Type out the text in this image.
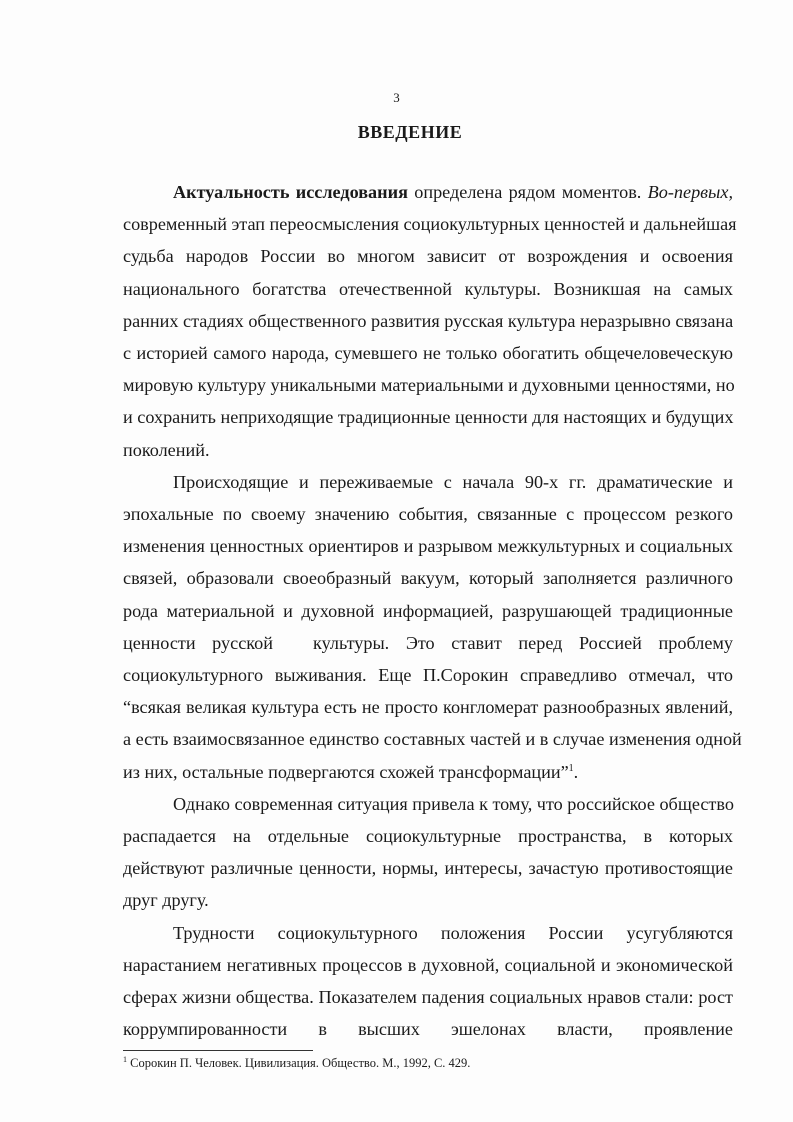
3
ВВЕДЕНИЕ
Актуальность исследования определена рядом моментов. Во-первых,
современный этап переосмысления социокультурных ценностей и дальнейшая
судьба народов России во многом зависит от возрождения и освоения
национального богатства отечественной культуры. Возникшая на самых
ранних стадиях общественного развития русская культура неразрывно связана
с историей самого народа, сумевшего не только обогатить общечеловеческую
мировую культуру уникальными материальными и духовными ценностями, но
и сохранить неприходящие традиционные ценности для настоящих и будущих
поколений.
Происходящие и переживаемые с начала 90-х гг. драматические и
эпохальные по своему значению события, связанные с процессом резкого
изменения ценностных ориентиров и разрывом межкультурных и социальных
связей, образовали своеобразный вакуум, который заполняется различного
рода материальной и духовной информацией, разрушающей традиционные
ценности русской культуры. Это ставит перед Россией проблему
социокультурного выживания. Еще П.Сорокин справедливо отмечал, что
“всякая великая культура есть не просто конгломерат разнообразных явлений,
а есть взаимосвязанное единство составных частей и в случае изменения одной
из них, остальные подвергаются схожей трансформации”$^1$.
Однако современная ситуация привела к тому, что российское общество
распадается на отдельные социокультурные пространства, в которых
действуют различные ценности, нормы, интересы, зачастую противостоящие
друг другу.
Трудности социокультурного положения России усугубляются
нарастанием негативных процессов в духовной, социальной и экономической
сферах жизни общества. Показателем падения социальных нравов стали: рост
коррумпированности в высших эшелонах власти, проявление
$^1$ Сорокин П. Человек. Цивилизация. Общество. М., 1992, С. 429.
